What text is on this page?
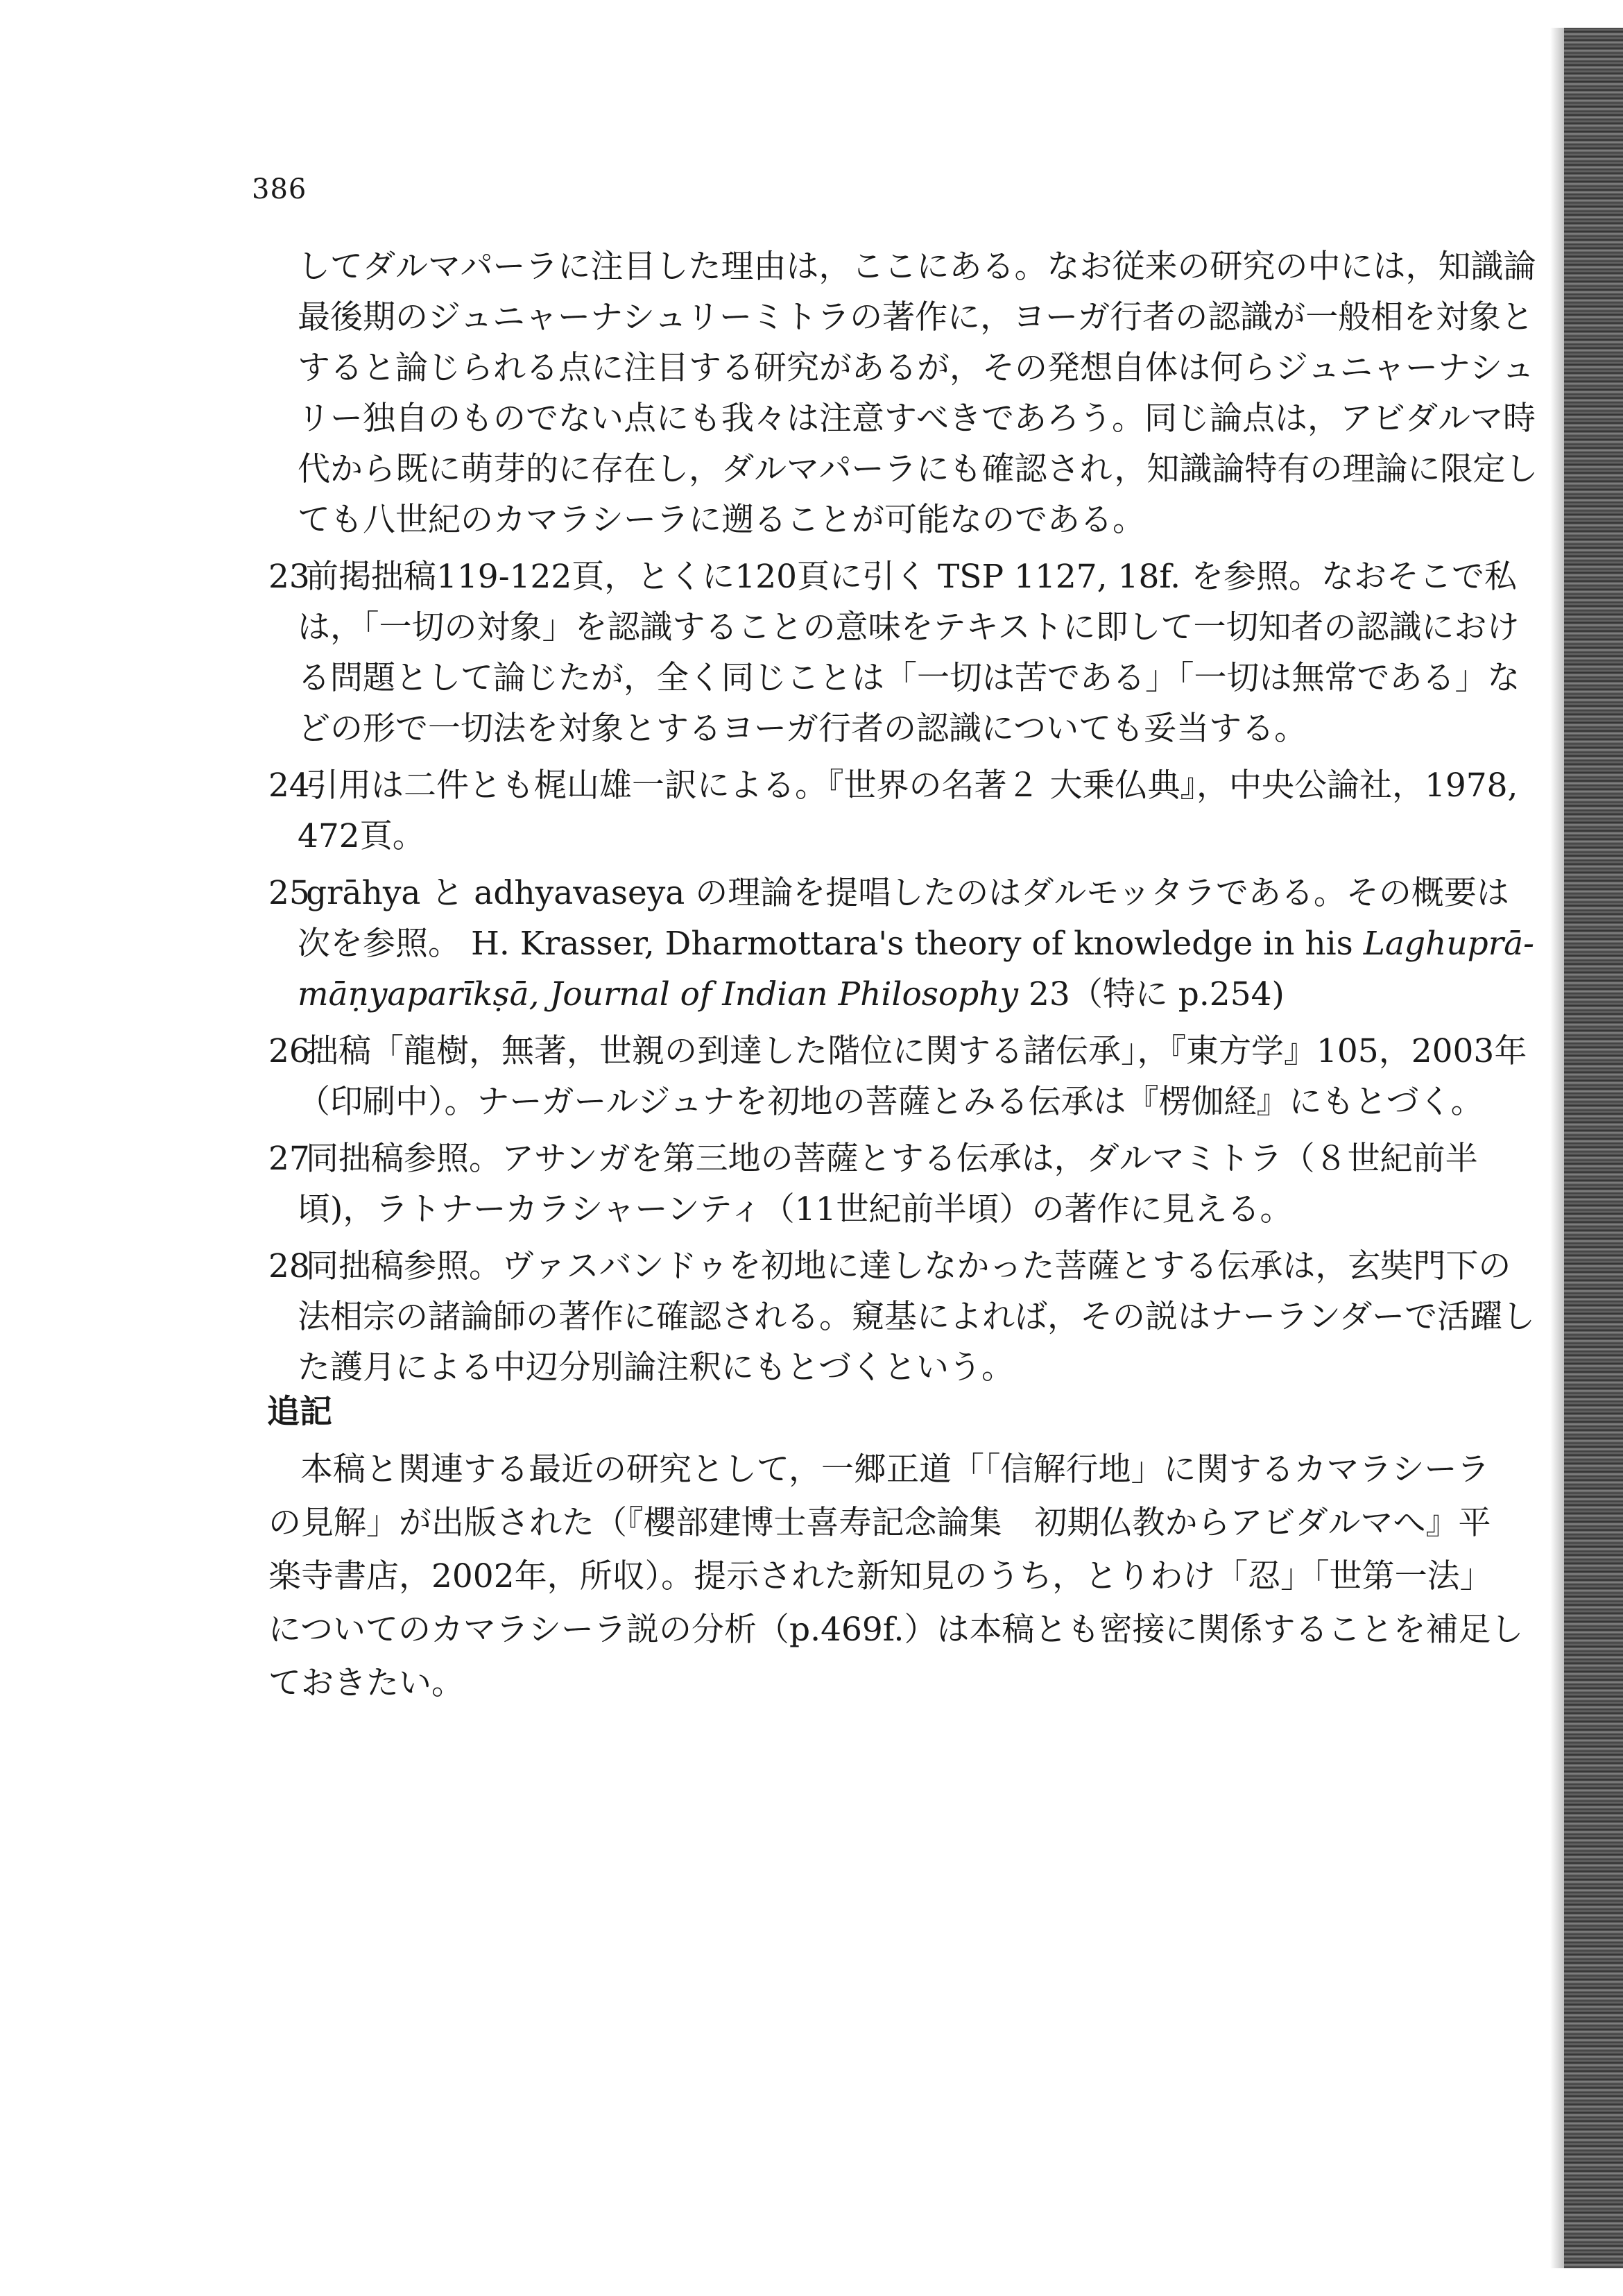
386
してダルマパーラに注目した理由は，ここにある。なお従来の研究の中には，知識論
最後期のジュニャーナシュリーミトラの著作に，ヨーガ行者の認識が一般相を対象と
すると論じられる点に注目する研究があるが，その発想自体は何らジュニャーナシュ
リー独自のものでない点にも我々は注意すべきであろう。同じ論点は，アビダルマ時
代から既に萌芽的に存在し，ダルマパーラにも確認され，知識論特有の理論に限定し
ても八世紀のカマラシーラに遡ることが可能なのである。
23前掲拙稿119-122頁，とくに120頁に引く TSP 1127, 18f. を参照。なおそこで私
は，「一切の対象」を認識することの意味をテキストに即して一切知者の認識におけ
る問題として論じたが，全く同じことは「一切は苦である」「一切は無常である」な
どの形で一切法を対象とするヨーガ行者の認識についても妥当する。
24引用は二件とも梶山雄一訳による。『世界の名著２ 大乗仏典』，中央公論社，1978,
472頁。
25grāhya と adhyavaseya の理論を提唱したのはダルモッタラである。その概要は
次を参照。 H. Krasser, Dharmottara's theory of knowledge in his Laghuprā-
māṇyaparīkṣā, Journal of Indian Philosophy 23（特に p.254)
26拙稿「龍樹，無著，世親の到達した階位に関する諸伝承」，『東方学』105，2003年
（印刷中）。ナーガールジュナを初地の菩薩とみる伝承は『楞伽経』にもとづく。
27同拙稿参照。アサンガを第三地の菩薩とする伝承は，ダルマミトラ（８世紀前半
頃)，ラトナーカラシャーンティ（11世紀前半頃）の著作に見える。
28同拙稿参照。ヴァスバンドゥを初地に達しなかった菩薩とする伝承は，玄奘門下の
法相宗の諸論師の著作に確認される。窺基によれば，その説はナーランダーで活躍し
た護月による中辺分別論注釈にもとづくという。
追記
本稿と関連する最近の研究として，一郷正道「｢信解行地」に関するカマラシーラ
の見解」が出版された（『櫻部建博士喜寿記念論集　初期仏教からアビダルマへ』平
楽寺書店，2002年，所収）。提示された新知見のうち，とりわけ「忍」「世第一法」
についてのカマラシーラ説の分析（p.469f.）は本稿とも密接に関係することを補足し
ておきたい。
